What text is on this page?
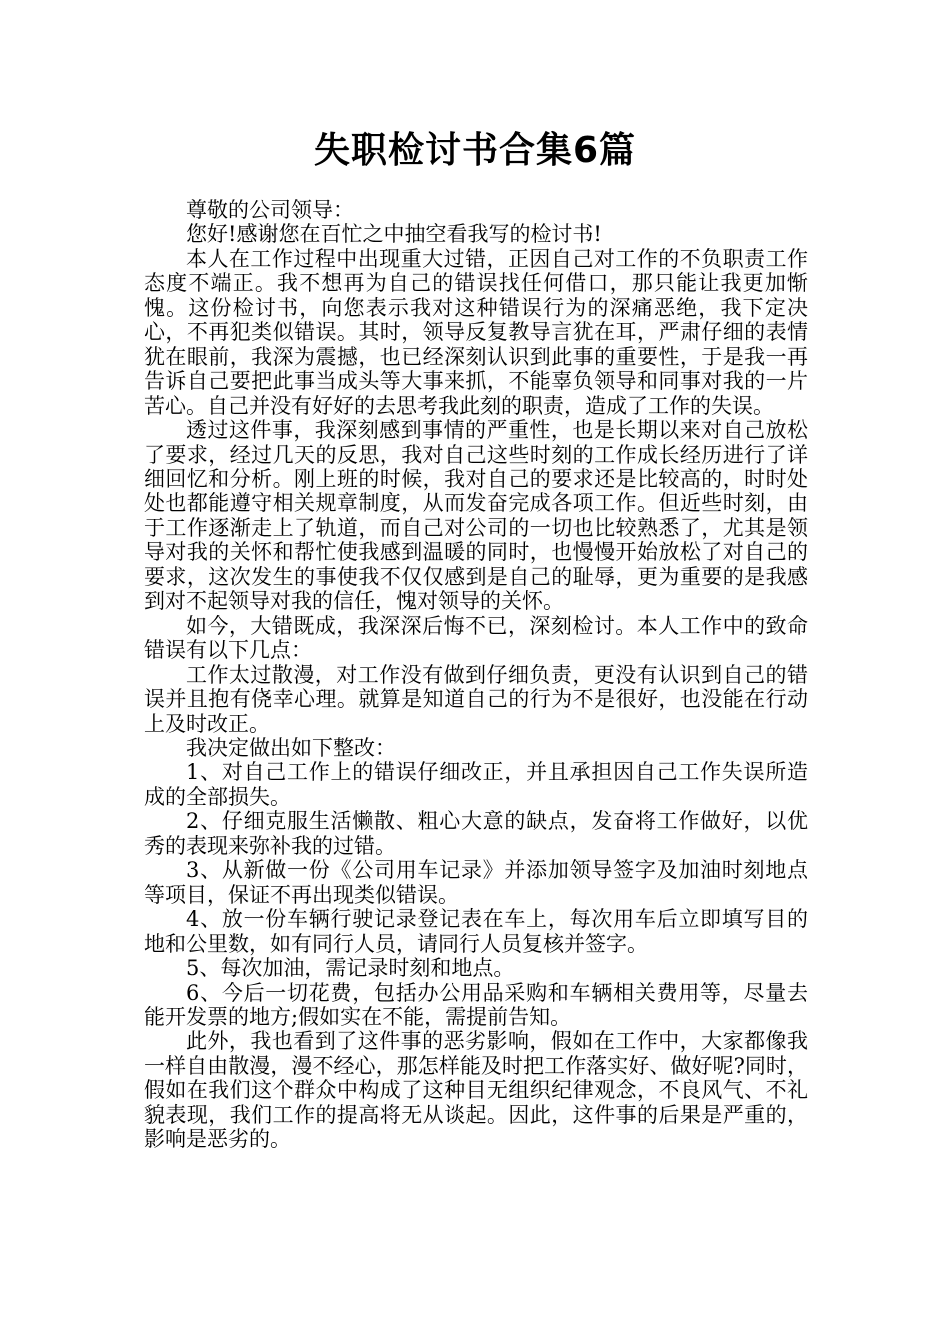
失职检讨书合集6篇

尊敬的公司领导：

您好!感谢您在百忙之中抽空看我写的检讨书!

本人在工作过程中出现重大过错，正因自己对工作的不负职责工作态度不端正。我不想再为自己的错误找任何借口，那只能让我更加惭愧。这份检讨书，向您表示我对这种错误行为的深痛恶绝，我下定决心，不再犯类似错误。其时，领导反复教导言犹在耳，严肃仔细的表情犹在眼前，我深为震撼，也已经深刻认识到此事的重要性，于是我一再告诉自己要把此事当成头等大事来抓，不能辜负领导和同事对我的一片苦心。自己并没有好好的去思考我此刻的职责，造成了工作的失误。

透过这件事，我深刻感到事情的严重性，也是长期以来对自己放松了要求，经过几天的反思，我对自己这些时刻的工作成长经历进行了详细回忆和分析。刚上班的时候，我对自己的要求还是比较高的，时时处处也都能遵守相关规章制度，从而发奋完成各项工作。但近些时刻，由于工作逐渐走上了轨道，而自己对公司的一切也比较熟悉了，尤其是领导对我的关怀和帮忙使我感到温暖的同时，也慢慢开始放松了对自己的要求，这次发生的事使我不仅仅感到是自己的耻辱，更为重要的是我感到对不起领导对我的信任，愧对领导的关怀。

如今，大错既成，我深深后悔不已，深刻检讨。本人工作中的致命错误有以下几点：

工作太过散漫，对工作没有做到仔细负责，更没有认识到自己的错误并且抱有侥幸心理。就算是知道自己的行为不是很好，也没能在行动上及时改正。

我决定做出如下整改：

1、对自己工作上的错误仔细改正，并且承担因自己工作失误所造成的全部损失。

2、仔细克服生活懒散、粗心大意的缺点，发奋将工作做好，以优秀的表现来弥补我的过错。

3、从新做一份《公司用车记录》并添加领导签字及加油时刻地点等项目，保证不再出现类似错误。

4、放一份车辆行驶记录登记表在车上，每次用车后立即填写目的地和公里数，如有同行人员，请同行人员复核并签字。

5、每次加油，需记录时刻和地点。

6、今后一切花费，包括办公用品采购和车辆相关费用等，尽量去能开发票的地方;假如实在不能，需提前告知。

此外，我也看到了这件事的恶劣影响，假如在工作中，大家都像我一样自由散漫，漫不经心，那怎样能及时把工作落实好、做好呢?同时，假如在我们这个群众中构成了这种目无组织纪律观念，不良风气、不礼貌表现，我们工作的提高将无从谈起。因此，这件事的后果是严重的，影响是恶劣的。
